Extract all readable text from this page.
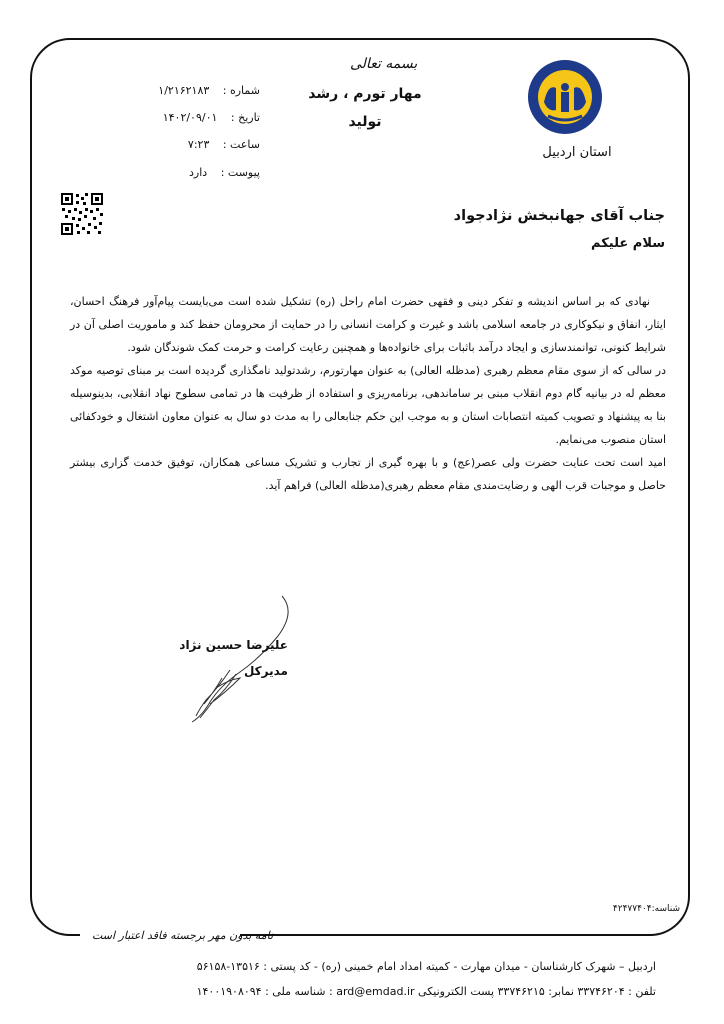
استان اردبیل
بسمه تعالی
مهار تورم ، رشد
تولید
شماره : ۱/۲۱۶۲۱۸۳
تاریخ : ۱۴۰۲/۰۹/۰۱
ساعت : ۷:۲۳
پیوست : دارد
جناب آقای جهانبخش نژادجواد
سلام علیکم

نهادی که بر اساس اندیشه و تفکر دینی و فقهی حضرت امام راحل (ره) تشکیل شده است می‌بایست پیام‌آور فرهنگ احسان، ایثار، انفاق و نیکوکاری در جامعه اسلامی باشد و غیرت و کرامت انسانی را در حمایت از محرومان حفظ کند و ماموریت اصلی آن در شرایط کنونی، توانمندسازی و ایجاد درآمد باثبات برای خانواده‌ها و همچنین رعایت کرامت و حرمت کمک شوندگان شود.

در سالی که از سوی مقام معظم رهبری (مدظله العالی) به عنوان مهارتورم، رشدتولید نامگذاری گردیده است بر مبنای توصیه موکد معظم له در بیانیه گام دوم انقلاب مبنی بر ساماندهی، برنامه‌ریزی و استفاده از ظرفیت ها در تمامی سطوح نهاد انقلابی، بدینوسیله بنا به پیشنهاد و تصویب کمیته انتصابات استان و به موجب این حکم جنابعالی را به مدت دو سال به عنوان معاون اشتغال و خودکفائی استان منصوب می‌نمایم.

امید است تحت عنایت حضرت ولی عصر(عج) و با بهره گیری از تجارب و تشریک مساعی همکاران، توفیق خدمت گزاری بیشتر حاصل و موجبات قرب الهی و رضایت‌مندی مقام معظم رهبری(مدظله العالی) فراهم آید.

علیرضا حسین نژاد
مدیرکل
شناسه:۴۲۴۷۷۴۰۴
نامه بدون مهر برجسته فاقد اعتبار است
اردبیل – شهرک کارشناسان - میدان مهارت - کمیته امداد امام خمینی (ره) - کد پستی : ۱۳۵۱۶-۵۶۱۵۸
تلفن : ۳۳۷۴۶۲۰۴ نمابر: ۳۳۷۴۶۲۱۵ پست الکترونیکی ard@emdad.ir : شناسه ملی : ۱۴۰۰۱۹۰۸۰۹۴
